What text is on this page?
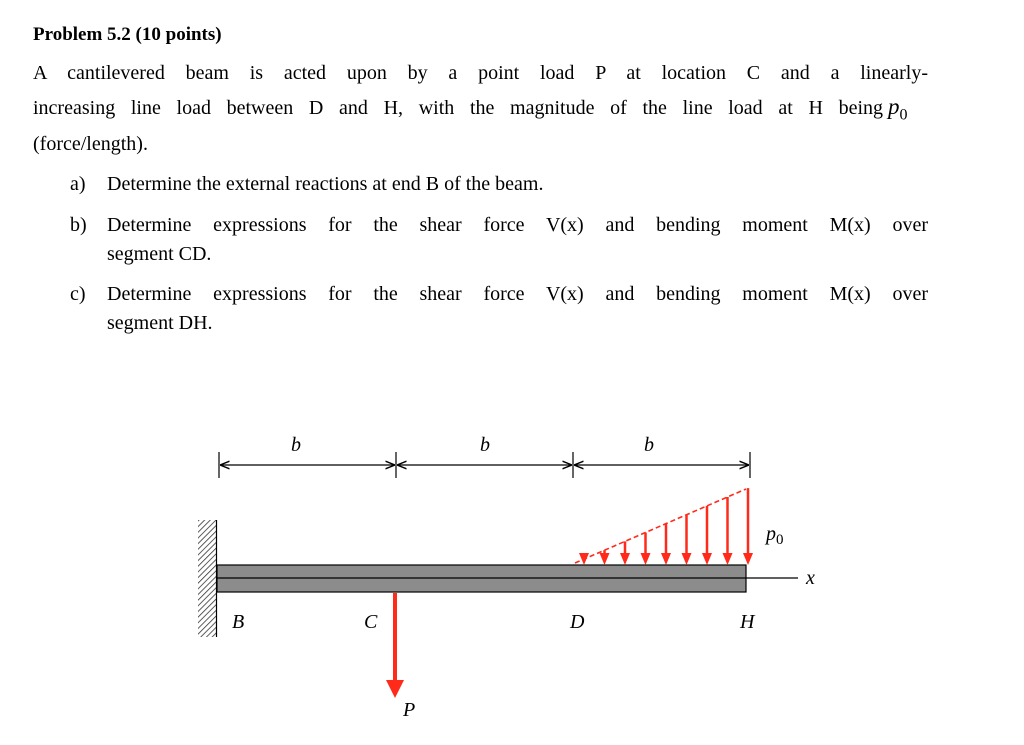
Problem 5.2 (10 points)
A cantilevered beam is acted upon by a point load P at location C and a linearly-
increasing line load between D and H, with the magnitude of the line load at H being $p_0$
(force/length).
a) Determine the external reactions at end B of the beam.
b) Determine expressions for the shear force V(x) and bending moment M(x) over
segment CD.
c) Determine expressions for the shear force V(x) and bending moment M(x) over
segment DH.
b	b	b
x
P
$p_0$
B	C	D	H
